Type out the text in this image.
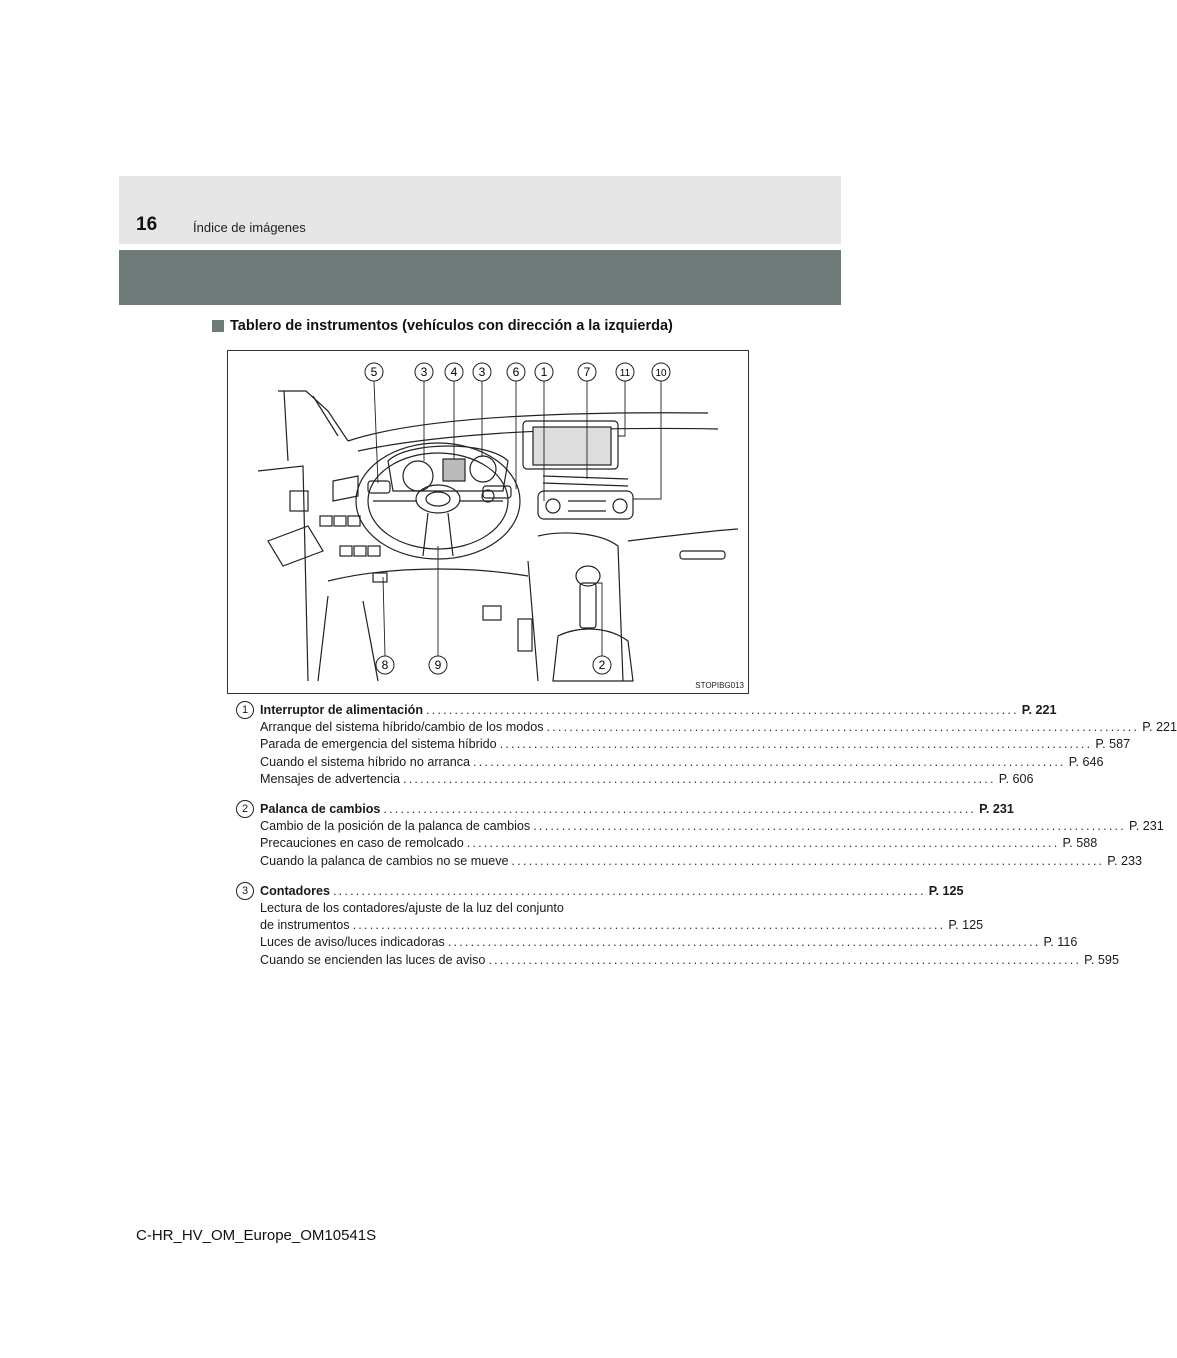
16	Índice de imágenes
Tablero de instrumentos (vehículos con dirección a la izquierda)
5	3 4 3 6 1	7	11	10
8	9	2
STOPIBG013
1 Interruptor de alimentación ........................................................................................................ P. 221
Arranque del sistema híbrido/cambio de los modos ........................................................................................................ P. 221
Parada de emergencia del sistema híbrido ........................................................................................................ P. 587
Cuando el sistema híbrido no arranca ........................................................................................................ P. 646
Mensajes de advertencia ........................................................................................................ P. 606
2 Palanca de cambios ........................................................................................................ P. 231
Cambio de la posición de la palanca de cambios ........................................................................................................ P. 231
Precauciones en caso de remolcado ........................................................................................................ P. 588
Cuando la palanca de cambios no se mueve ........................................................................................................ P. 233
3 Contadores ........................................................................................................ P. 125
Lectura de los contadores/ajuste de la luz del conjunto
de instrumentos ........................................................................................................ P. 125
Luces de aviso/luces indicadoras ........................................................................................................ P. 116
Cuando se encienden las luces de aviso ........................................................................................................ P. 595
C-HR_HV_OM_Europe_OM10541S
